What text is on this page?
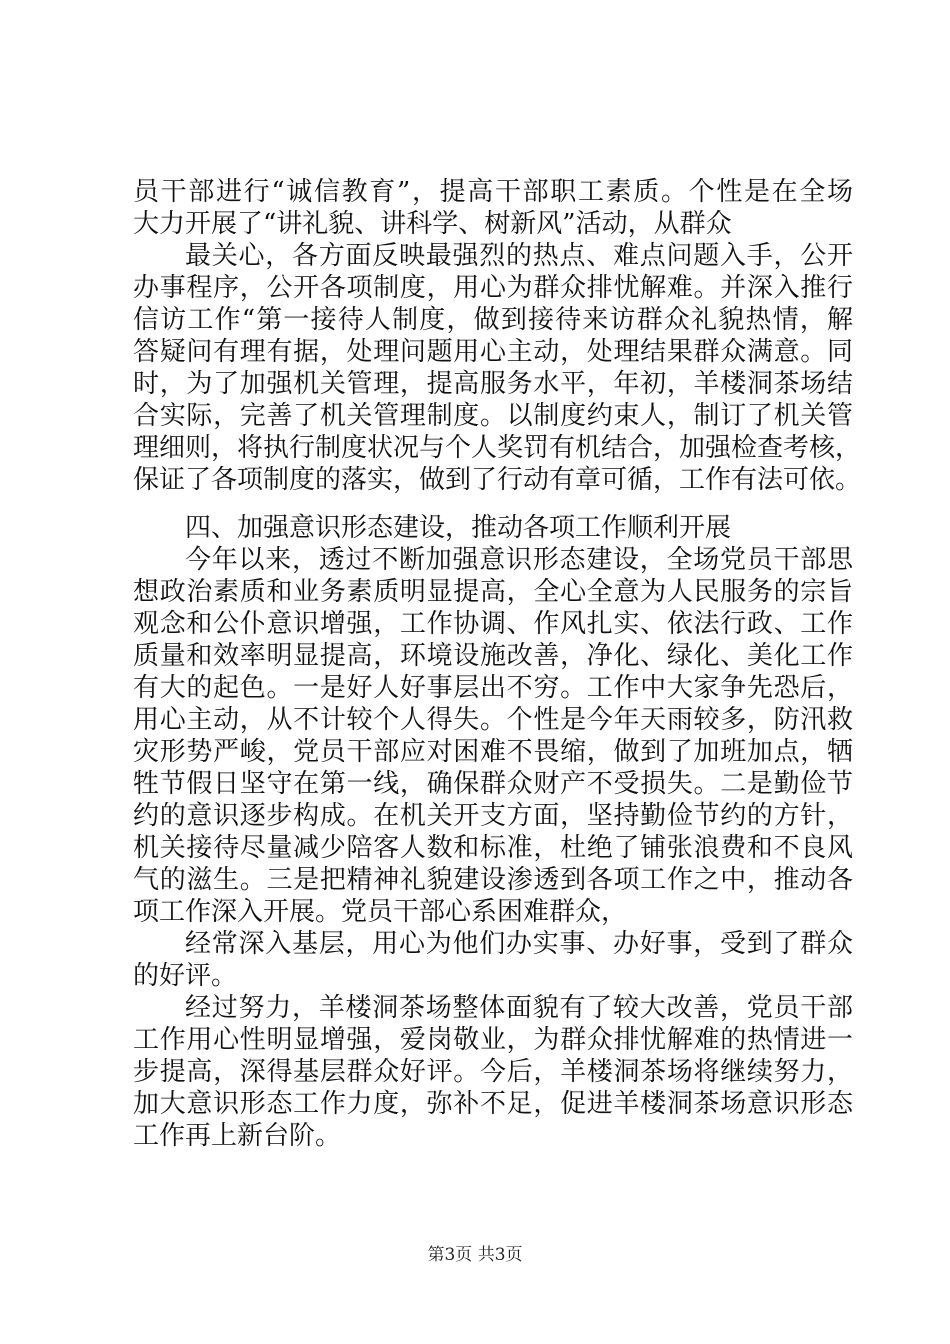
员干部进行“诚信教育”，提高干部职工素质。个性是在全场
大力开展了“讲礼貌、讲科学、树新风”活动，从群众
最关心，各方面反映最强烈的热点、难点问题入手，公开
办事程序，公开各项制度，用心为群众排忧解难。并深入推行
信访工作“第一接待人制度，做到接待来访群众礼貌热情，解
答疑问有理有据，处理问题用心主动，处理结果群众满意。同
时，为了加强机关管理，提高服务水平，年初，羊楼洞茶场结
合实际，完善了机关管理制度。以制度约束人，制订了机关管
理细则，将执行制度状况与个人奖罚有机结合，加强检查考核，
保证了各项制度的落实，做到了行动有章可循，工作有法可依。
四、加强意识形态建设，推动各项工作顺利开展
今年以来，透过不断加强意识形态建设，全场党员干部思
想政治素质和业务素质明显提高，全心全意为人民服务的宗旨
观念和公仆意识增强，工作协调、作风扎实、依法行政、工作
质量和效率明显提高，环境设施改善，净化、绿化、美化工作
有大的起色。一是好人好事层出不穷。工作中大家争先恐后，
用心主动，从不计较个人得失。个性是今年天雨较多，防汛救
灾形势严峻，党员干部应对困难不畏缩，做到了加班加点，牺
牲节假日坚守在第一线，确保群众财产不受损失。二是勤俭节
约的意识逐步构成。在机关开支方面，坚持勤俭节约的方针，
机关接待尽量减少陪客人数和标准，杜绝了铺张浪费和不良风
气的滋生。三是把精神礼貌建设渗透到各项工作之中，推动各
项工作深入开展。党员干部心系困难群众，
经常深入基层，用心为他们办实事、办好事，受到了群众
的好评。
经过努力，羊楼洞茶场整体面貌有了较大改善，党员干部
工作用心性明显增强，爱岗敬业，为群众排忧解难的热情进一
步提高，深得基层群众好评。今后，羊楼洞茶场将继续努力，
加大意识形态工作力度，弥补不足，促进羊楼洞茶场意识形态
工作再上新台阶。
第3页 共3页
